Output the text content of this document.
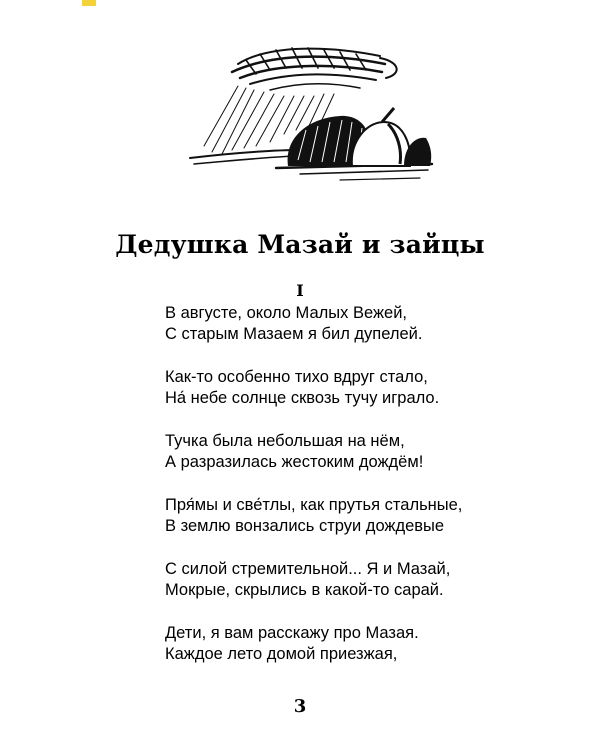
Дедушка Мазай и зайцы
I
В августе, около Малых Вежей,
С старым Мазаем я бил дупелей.
Как-то особенно тихо вдруг стало,
На́ небе солнце сквозь тучу играло.
Тучка была небольшая на нём,
А разразилась жестоким дождём!
Пря́мы и све́тлы, как прутья стальные,
В землю вонзались струи дождевые
С силой стремительной... Я и Мазай,
Мокрые, скрылись в какой-то сарай.
Дети, я вам расскажу про Мазая.
Каждое лето домой приезжая,
3
